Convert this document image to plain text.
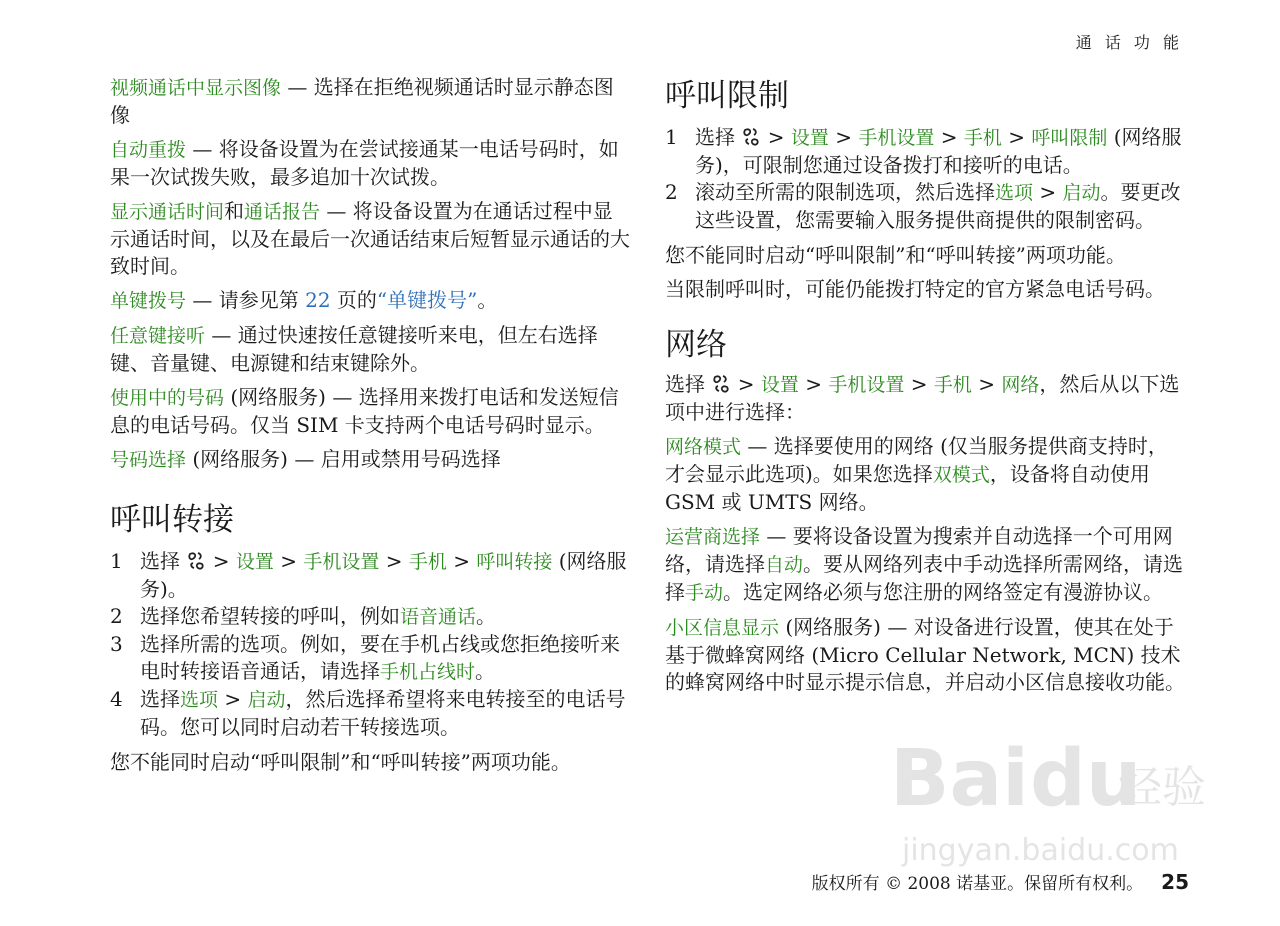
通 话 功 能

视频通话中显示图像 — 选择在拒绝视频通话时显示静态图像

自动重拨 — 将设备设置为在尝试接通某一电话号码时，如果一次试拨失败，最多追加十次试拨。

显示通话时间和通话报告 — 将设备设置为在通话过程中显示通话时间，以及在最后一次通话结束后短暂显示通话的大致时间。

单键拨号 — 请参见第 22 页的“单键拨号”。

任意键接听 — 通过快速按任意键接听来电，但左右选择键、音量键、电源键和结束键除外。

使用中的号码 (网络服务) — 选择用来拨打电话和发送短信息的电话号码。仅当 SIM 卡支持两个电话号码时显示。

号码选择 (网络服务) — 启用或禁用号码选择

呼叫转接
1 选择  > 设置 > 手机设置 > 手机 > 呼叫转接 (网络服务)。
2 选择您希望转接的呼叫，例如语音通话。
3 选择所需的选项。例如，要在手机占线或您拒绝接听来电时转接语音通话，请选择手机占线时。
4 选择选项 > 启动，然后选择希望将来电转接至的电话号码。您可以同时启动若干转接选项。

您不能同时启动“呼叫限制”和“呼叫转接”两项功能。

呼叫限制
1 选择  > 设置 > 手机设置 > 手机 > 呼叫限制 (网络服务)，可限制您通过设备拨打和接听的电话。
2 滚动至所需的限制选项，然后选择选项 > 启动。要更改这些设置，您需要输入服务提供商提供的限制密码。

您不能同时启动“呼叫限制”和“呼叫转接”两项功能。

当限制呼叫时，可能仍能拨打特定的官方紧急电话号码。

网络

选择  > 设置 > 手机设置 > 手机 > 网络，然后从以下选项中进行选择：

网络模式 — 选择要使用的网络 (仅当服务提供商支持时，才会显示此选项)。如果您选择双模式，设备将自动使用 GSM 或 UMTS 网络。

运营商选择 — 要将设备设置为搜索并自动选择一个可用网络，请选择自动。要从网络列表中手动选择所需网络，请选择手动。选定网络必须与您注册的网络签定有漫游协议。

小区信息显示 (网络服务) — 对设备进行设置，使其在处于基于微蜂窝网络 (Micro Cellular Network, MCN) 技术的蜂窝网络中时显示提示信息，并启动小区信息接收功能。

Bai du
经验
jingyan.baidu.com
版权所有 © 2008 诺基亚。保留所有权利。 25
